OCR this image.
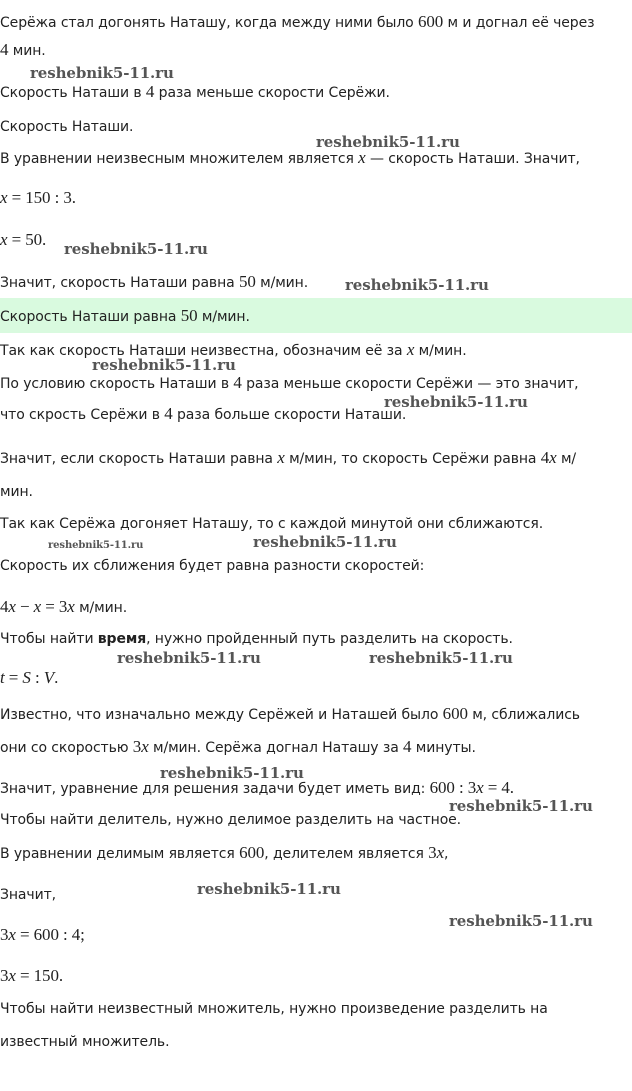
Серёжа стал догонять Наташу, когда между ними было 600 м и догнал её через
4 мин.
Скорость Наташи в 4 раза меньше скорости Серёжи.
Скорость Наташи.
В уравнении неизвесным множителем является x — скорость Наташи. Значит,
x = 150 : 3.
x = 50.
Значит, скорость Наташи равна 50 м/мин.
Скорость Наташи равна 50 м/мин.
Так как скорость Наташи неизвестна, обозначим её за x м/мин.
По условию скорость Наташи в 4 раза меньше скорости Серёжи — это значит,
что скрость Серёжи в 4 раза больше скорости Наташи.
Значит, если скорость Наташи равна x м/мин, то скорость Серёжи равна 4x м/
мин.
Так как Серёжа догоняет Наташу, то с каждой минутой они сближаются.
Скорость их сближения будет равна разности скоростей:
4x − x = 3x м/мин.
Чтобы найти время, нужно пройденный путь разделить на скорость.
t = S : V.
Известно, что изначально между Серёжей и Наташей было 600 м, сближались
они со скоростью 3x м/мин. Серёжа догнал Наташу за 4 минуты.
Значит, уравнение для решения задачи будет иметь вид: 600 : 3x = 4.
Чтобы найти делитель, нужно делимое разделить на частное.
В уравнении делимым является 600, делителем является 3x,
Значит,
3x = 600 : 4;
3x = 150.
Чтобы найти неизвестный множитель, нужно произведение разделить на
известный множитель.
reshebnik5-11.ru
reshebnik5-11.ru
reshebnik5-11.ru
reshebnik5-11.ru
reshebnik5-11.ru
reshebnik5-11.ru
reshebnik5-11.ru	reshebnik5-11.ru
reshebnik5-11.ru	reshebnik5-11.ru
reshebnik5-11.ru
reshebnik5-11.ru
reshebnik5-11.ru
reshebnik5-11.ru
